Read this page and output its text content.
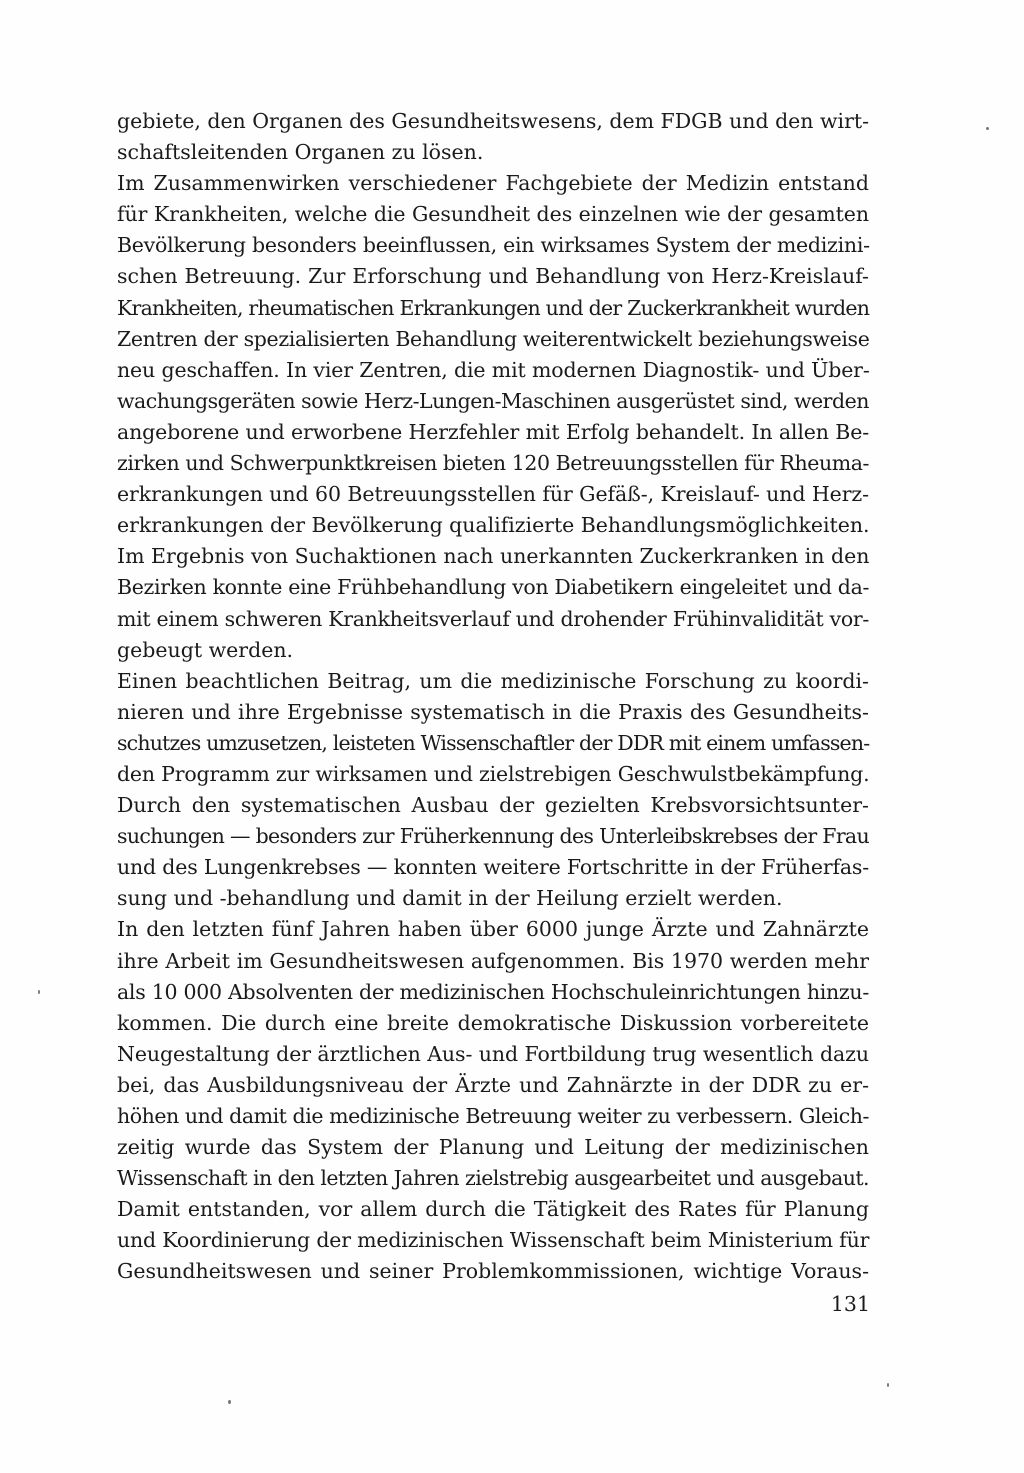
gebiete, den Organen des Gesundheitswesens, dem FDGB und den wirt-
schaftsleitenden Organen zu lösen.
Im Zusammenwirken verschiedener Fachgebiete der Medizin entstand
für Krankheiten, welche die Gesundheit des einzelnen wie der gesamten
Bevölkerung besonders beeinflussen, ein wirksames System der medizini-
schen Betreuung. Zur Erforschung und Behandlung von Herz-Kreislauf-
Krankheiten, rheumatischen Erkrankungen und der Zuckerkrankheit wurden
Zentren der spezialisierten Behandlung weiterentwickelt beziehungsweise
neu geschaffen. In vier Zentren, die mit modernen Diagnostik- und Über-
wachungsgeräten sowie Herz-Lungen-Maschinen ausgerüstet sind, werden
angeborene und erworbene Herzfehler mit Erfolg behandelt. In allen Be-
zirken und Schwerpunktkreisen bieten 120 Betreuungsstellen für Rheuma-
erkrankungen und 60 Betreuungsstellen für Gefäß-, Kreislauf- und Herz-
erkrankungen der Bevölkerung qualifizierte Behandlungsmöglichkeiten.
Im Ergebnis von Suchaktionen nach unerkannten Zuckerkranken in den
Bezirken konnte eine Frühbehandlung von Diabetikern eingeleitet und da-
mit einem schweren Krankheitsverlauf und drohender Frühinvalidität vor-
gebeugt werden.
Einen beachtlichen Beitrag, um die medizinische Forschung zu koordi-
nieren und ihre Ergebnisse systematisch in die Praxis des Gesundheits-
schutzes umzusetzen, leisteten Wissenschaftler der DDR mit einem umfassen-
den Programm zur wirksamen und zielstrebigen Geschwulstbekämpfung.
Durch den systematischen Ausbau der gezielten Krebsvorsichtsunter-
suchungen — besonders zur Früherkennung des Unterleibskrebses der Frau
und des Lungenkrebses — konnten weitere Fortschritte in der Früherfas-
sung und -behandlung und damit in der Heilung erzielt werden.
In den letzten fünf Jahren haben über 6000 junge Ärzte und Zahnärzte
ihre Arbeit im Gesundheitswesen aufgenommen. Bis 1970 werden mehr
als 10 000 Absolventen der medizinischen Hochschuleinrichtungen hinzu-
kommen. Die durch eine breite demokratische Diskussion vorbereitete
Neugestaltung der ärztlichen Aus- und Fortbildung trug wesentlich dazu
bei, das Ausbildungsniveau der Ärzte und Zahnärzte in der DDR zu er-
höhen und damit die medizinische Betreuung weiter zu verbessern. Gleich-
zeitig wurde das System der Planung und Leitung der medizinischen
Wissenschaft in den letzten Jahren zielstrebig ausgearbeitet und ausgebaut.
Damit entstanden, vor allem durch die Tätigkeit des Rates für Planung
und Koordinierung der medizinischen Wissenschaft beim Ministerium für
Gesundheitswesen und seiner Problemkommissionen, wichtige Voraus-
131
